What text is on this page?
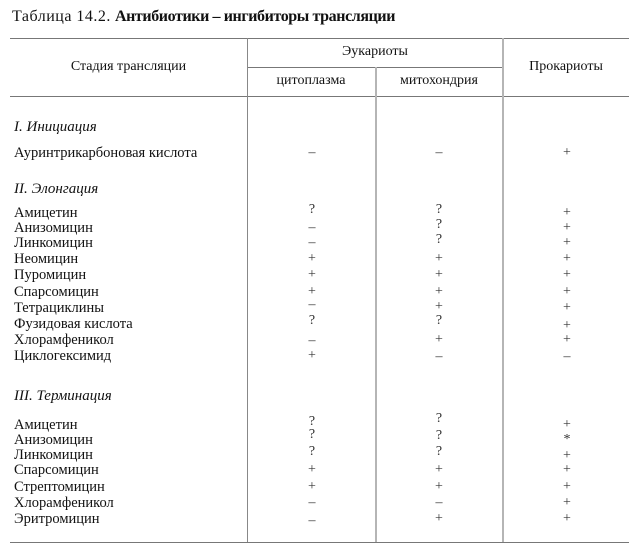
Таблица 14.2. Антибиотики – ингибиторы трансляции
Стадия трансляции
Эукариоты
цитоплазма	митохондрия
Прокариоты
I. Инициация
Ауринтрикарбоновая кислота	–	–	+
II. Элонгация
Амицетин	?	?	+
Анизомицин	–	?	+
Линкомицин	–	?	+
Неомицин	+	+	+
Пуромицин	+	+	+
Спарсомицин	+	+	+
Тетрациклины	–	+	+
Фузидовая кислота	?	?	+
Хлорамфеникол	–	+	+
Циклогексимид	+	–	–
III. Терминация
Амицетин	?	?	+
Анизомицин	?	?	*
Линкомицин	?	?	+
Спарсомицин	+	+	+
Стрептомицин	+	+	+
Хлорамфеникол	–	–	+
Эритромицин	–	+	+
